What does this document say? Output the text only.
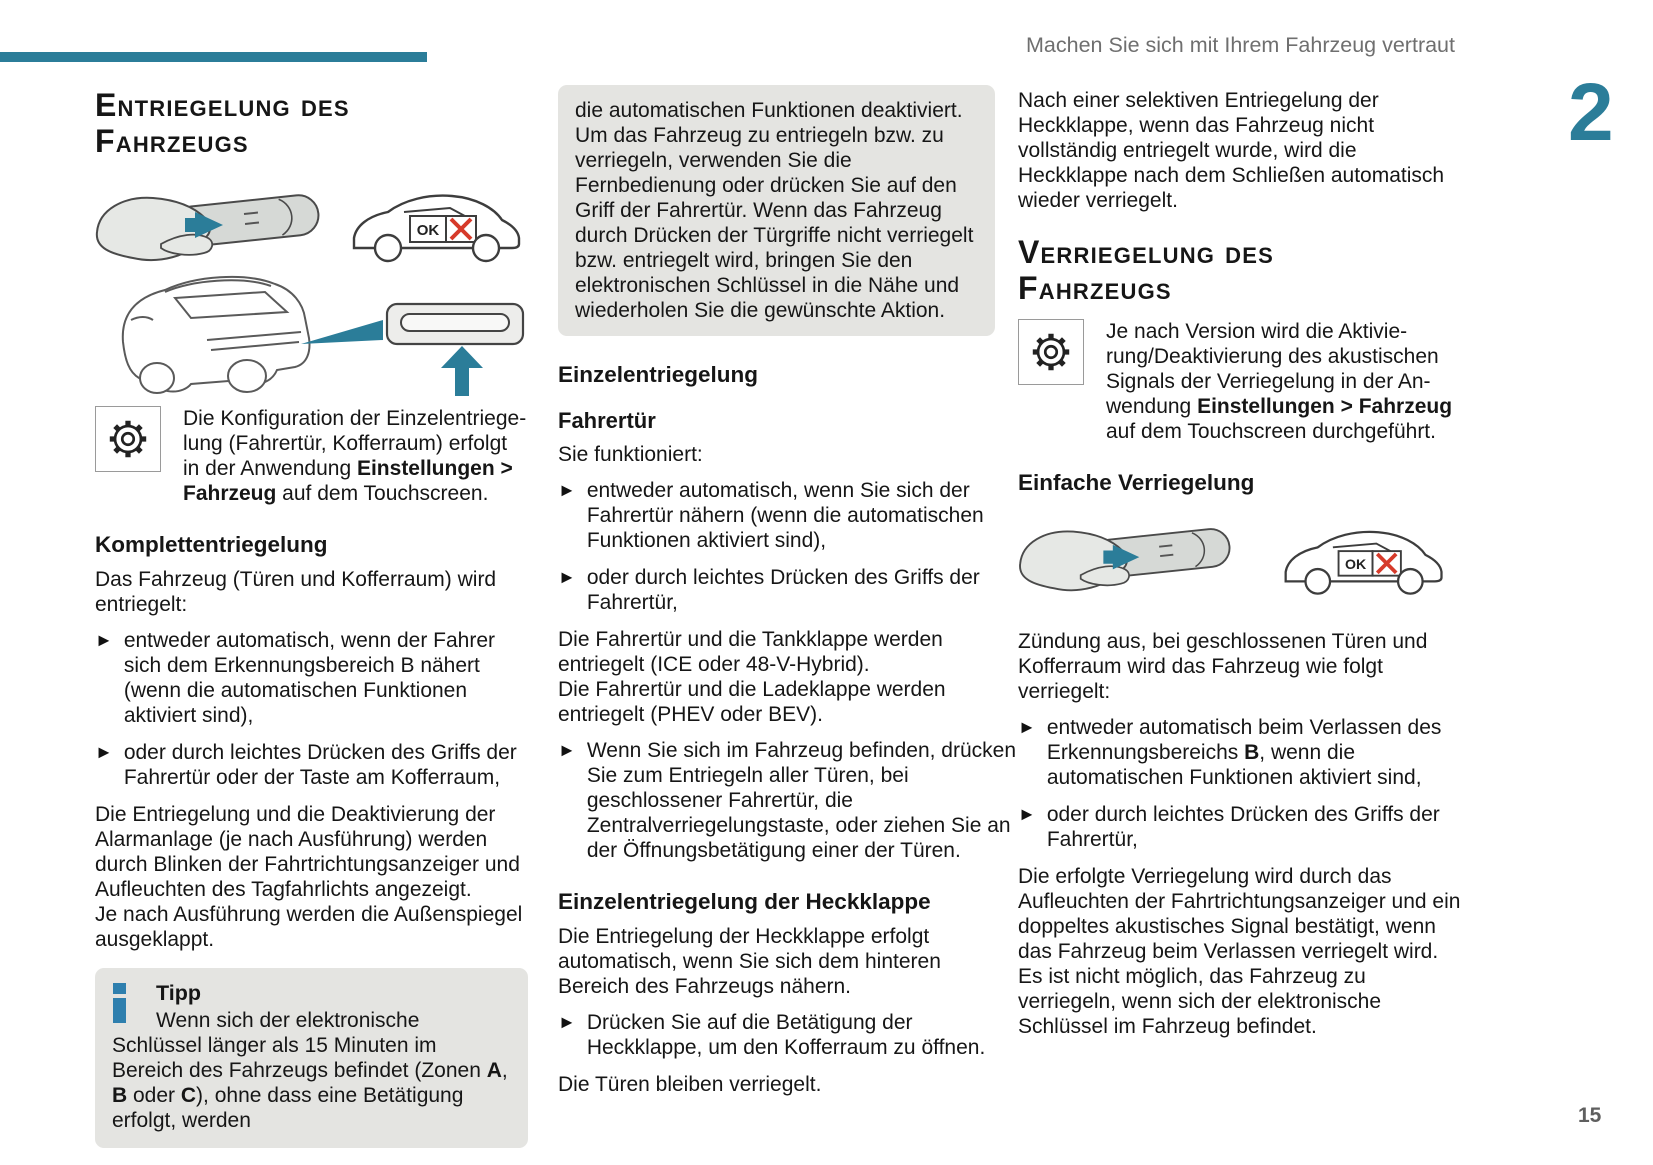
Machen Sie sich mit Ihrem Fahrzeug vertraut
2
15
Entriegelung des
Fahrzeugs

Die Konfiguration der Einzelentriege-
lung (Fahrertür, Kofferraum) erfolgt
in der Anwendung Einstellungen >
Fahrzeug auf dem Touchscreen.

Komplettentriegelung

Das Fahrzeug (Türen und Kofferraum) wird entriegelt:

► entweder automatisch, wenn der Fahrer sich dem Erkennungsbereich B nähert (wenn die automatischen Funktionen aktiviert sind),
► oder durch leichtes Drücken des Griffs der Fahrertür oder der Taste am Kofferraum,

Die Entriegelung und die Deaktivierung der Alarmanlage (je nach Ausführung) werden durch Blinken der Fahrtrichtungsanzeiger und Aufleuchten des Tagfahrlichts angezeigt.
Je nach Ausführung werden die Außenspiegel ausgeklappt.

Tipp

Wenn sich der elektronische Schlüssel länger als 15 Minuten im Bereich des Fahrzeugs befindet (Zonen A, B oder C), ohne dass eine Betätigung erfolgt, werden

die automatischen Funktionen deaktiviert.
Um das Fahrzeug zu entriegeln bzw. zu verriegeln, verwenden Sie die Fernbedienung oder drücken Sie auf den Griff der Fahrertür. Wenn das Fahrzeug durch Drücken der Türgriffe nicht verriegelt bzw. entriegelt wird, bringen Sie den elektronischen Schlüssel in die Nähe und wiederholen Sie die gewünschte Aktion.
Einzelentriegelung
Fahrertür

Sie funktioniert:

► entweder automatisch, wenn Sie sich der Fahrertür nähern (wenn die automatischen Funktionen aktiviert sind),
► oder durch leichtes Drücken des Griffs der Fahrertür,

Die Fahrertür und die Tankklappe werden entriegelt (ICE oder 48-V-Hybrid).
Die Fahrertür und die Ladeklappe werden entriegelt (PHEV oder BEV).

► Wenn Sie sich im Fahrzeug befinden, drücken Sie zum Entriegeln aller Türen, bei geschlossener Fahrertür, die Zentralverriegelungstaste, oder ziehen Sie an der Öffnungsbetätigung einer der Türen.
Einzelentriegelung der Heckklappe

Die Entriegelung der Heckklappe erfolgt automatisch, wenn Sie sich dem hinteren Bereich des Fahrzeugs nähern.

► Drücken Sie auf die Betätigung der Heckklappe, um den Kofferraum zu öffnen.

Die Türen bleiben verriegelt.

Nach einer selektiven Entriegelung der Heckklappe, wenn das Fahrzeug nicht vollständig entriegelt wurde, wird die Heckklappe nach dem Schließen automatisch wieder verriegelt.

Verriegelung des
Fahrzeugs

Je nach Version wird die Aktivie-
rung/Deaktivierung des akustischen
Signals der Verriegelung in der An-
wendung Einstellungen > Fahrzeug
auf dem Touchscreen durchgeführt.

Einfache Verriegelung

Zündung aus, bei geschlossenen Türen und Kofferraum wird das Fahrzeug wie folgt verriegelt:

► entweder automatisch beim Verlassen des Erkennungsbereichs B, wenn die automatischen Funktionen aktiviert sind,
► oder durch leichtes Drücken des Griffs der Fahrertür,

Die erfolgte Verriegelung wird durch das Aufleuchten der Fahrtrichtungsanzeiger und ein doppeltes akustisches Signal bestätigt, wenn das Fahrzeug beim Verlassen verriegelt wird.
Es ist nicht möglich, das Fahrzeug zu verriegeln, wenn sich der elektronische Schlüssel im Fahrzeug befindet.
